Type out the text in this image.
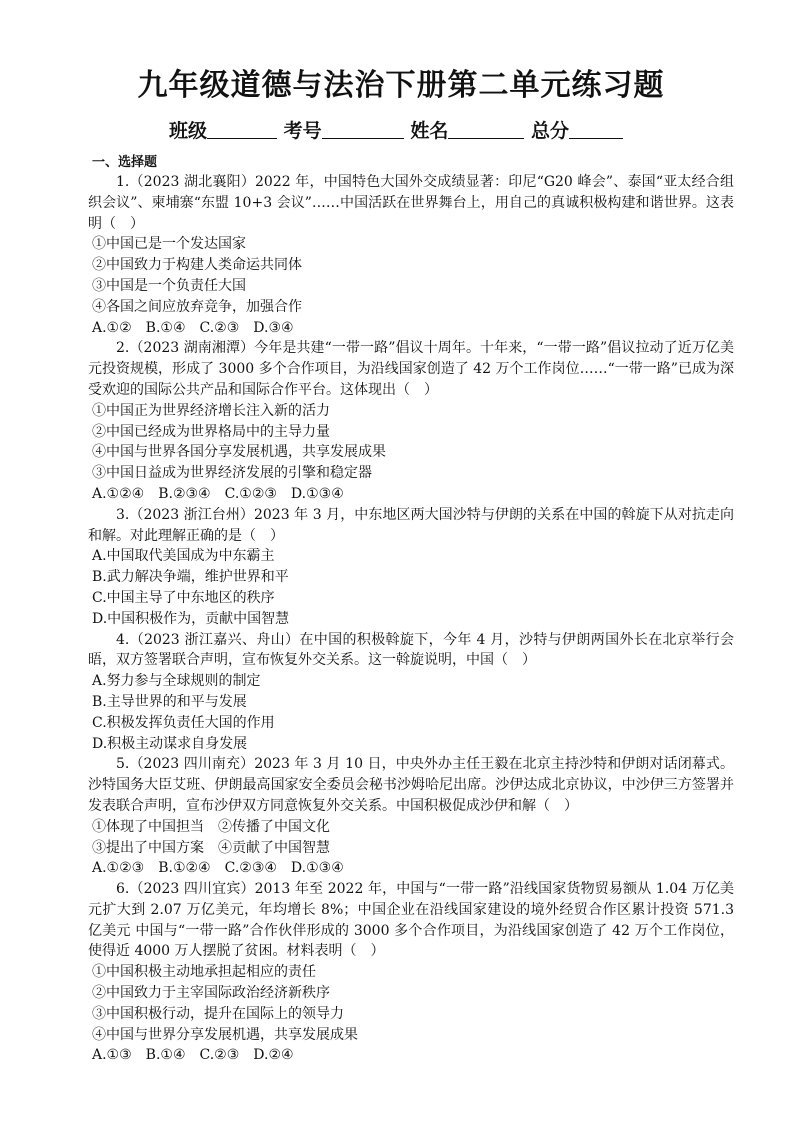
九年级道德与法治下册第二单元练习题
班级	考号	姓名	总分
一、选择题

1.（2023 湖北襄阳）2022 年，中国特色大国外交成绩显著：印尼“G20 峰会”、泰国“亚太经合组织会议”、柬埔寨“东盟 10+3 会议”……中国活跃在世界舞台上，用自己的真诚积极构建和谐世界。这表明（　）

①中国已是一个发达国家
②中国致力于构建人类命运共同体
③中国是一个负责任大国
④各国之间应放弃竞争，加强合作
A.①②　B.①④　C.②③　D.③④

2.（2023 湖南湘潭）今年是共建“一带一路”倡议十周年。十年来，“一带一路”倡议拉动了近万亿美元投资规模，形成了 3000 多个合作项目，为沿线国家创造了 42 万个工作岗位……“一带一路”已成为深受欢迎的国际公共产品和国际合作平台。这体现出（　）

①中国正为世界经济增长注入新的活力
②中国已经成为世界格局中的主导力量
④中国与世界各国分享发展机遇，共享发展成果
③中国日益成为世界经济发展的引擎和稳定器
A.①②④　B.②③④　C.①②③　D.①③④

3.（2023 浙江台州）2023 年 3 月，中东地区两大国沙特与伊朗的关系在中国的斡旋下从对抗走向和解。对此理解正确的是（　）

A.中国取代美国成为中东霸主
B.武力解决争端，维护世界和平
C.中国主导了中东地区的秩序
D.中国积极作为，贡献中国智慧

4.（2023 浙江嘉兴、舟山）在中国的积极斡旋下，今年 4 月，沙特与伊朗两国外长在北京举行会晤，双方签署联合声明，宣布恢复外交关系。这一斡旋说明，中国（　）

A.努力参与全球规则的制定
B.主导世界的和平与发展
C.积极发挥负责任大国的作用
D.积极主动谋求自身发展

5.（2023 四川南充）2023 年 3 月 10 日，中央外办主任王毅在北京主持沙特和伊朗对话闭幕式。沙特国务大臣艾班、伊朗最高国家安全委员会秘书沙姆哈尼出席。沙伊达成北京协议，中沙伊三方签署并发表联合声明，宣布沙伊双方同意恢复外交关系。中国积极促成沙伊和解（　）

①体现了中国担当　②传播了中国文化
③提出了中国方案　④贡献了中国智慧
A.①②③　B.①②④　C.②③④　D.①③④

6.（2023 四川宜宾）2013 年至 2022 年，中国与“一带一路”沿线国家货物贸易额从 1.04 万亿美元扩大到 2.07 万亿美元，年均增长 8%；中国企业在沿线国家建设的境外经贸合作区累计投资 571.3 亿美元 中国与“一带一路”合作伙伴形成的 3000 多个合作项目，为沿线国家创造了 42 万个工作岗位，使得近 4000 万人摆脱了贫困。材料表明（　）

①中国积极主动地承担起相应的责任
②中国致力于主宰国际政治经济新秩序
③中国积极行动，提升在国际上的领导力
④中国与世界分享发展机遇，共享发展成果
A.①③　B.①④　C.②③　D.②④
